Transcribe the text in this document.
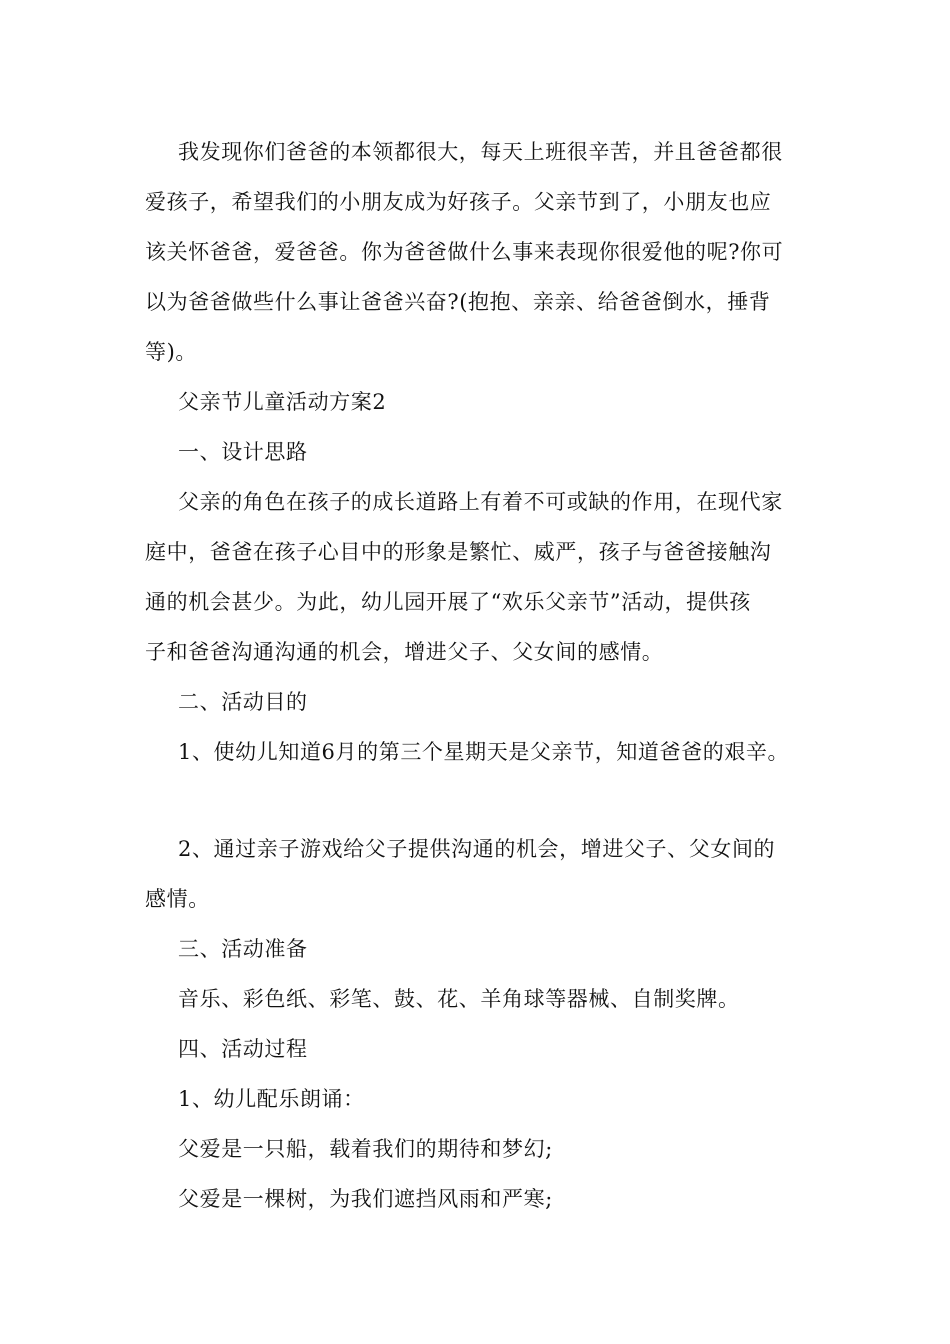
我发现你们爸爸的本领都很大，每天上班很辛苦，并且爸爸都很
爱孩子，希望我们的小朋友成为好孩子。父亲节到了，小朋友也应
该关怀爸爸，爱爸爸。你为爸爸做什么事来表现你很爱他的呢?你可
以为爸爸做些什么事让爸爸兴奋?(抱抱、亲亲、给爸爸倒水，捶背
等)。
父亲节儿童活动方案2
一、设计思路
父亲的角色在孩子的成长道路上有着不可或缺的作用，在现代家
庭中，爸爸在孩子心目中的形象是繁忙、威严，孩子与爸爸接触沟
通的机会甚少。为此，幼儿园开展了“欢乐父亲节”活动，提供孩
子和爸爸沟通沟通的机会，增进父子、父女间的感情。
二、活动目的
1、使幼儿知道6月的第三个星期天是父亲节，知道爸爸的艰辛。
2、通过亲子游戏给父子提供沟通的机会，增进父子、父女间的
感情。
三、活动准备
音乐、彩色纸、彩笔、鼓、花、羊角球等器械、自制奖牌。
四、活动过程
1、幼儿配乐朗诵：
父爱是一只船，载着我们的期待和梦幻;
父爱是一棵树，为我们遮挡风雨和严寒;
